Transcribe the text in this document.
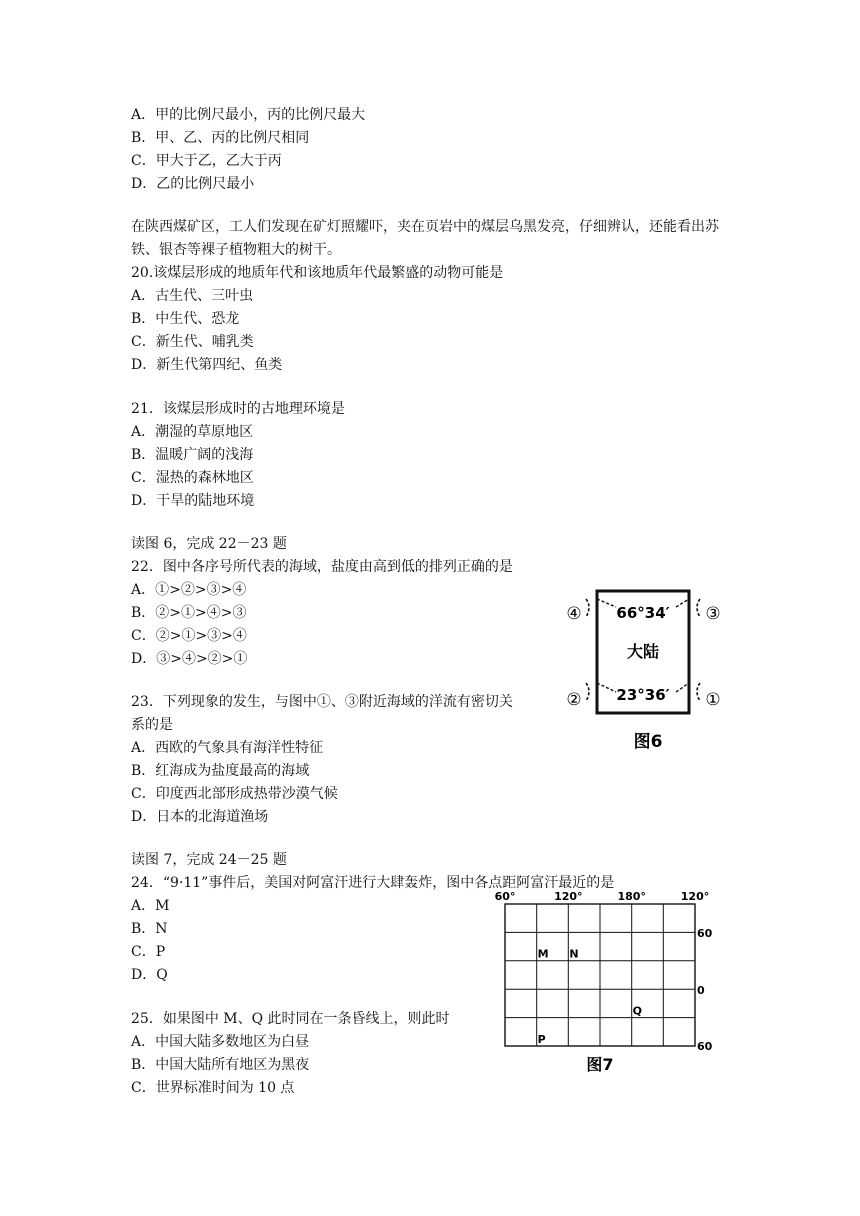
A．甲的比例尺最小，丙的比例尺最大
B．甲、乙、丙的比例尺相同
C．甲大于乙，乙大于丙
D．乙的比例尺最小
在陕西煤矿区，工人们发现在矿灯照耀吓，夹在页岩中的煤层乌黑发亮，仔细辨认，还能看出苏铁、银杏等裸子植物粗大的树干。
20.该煤层形成的地质年代和该地质年代最繁盛的动物可能是
A．古生代、三叶虫
B．中生代、恐龙
C．新生代、哺乳类
D．新生代第四纪、鱼类
21．该煤层形成时的古地理环境是
A．潮湿的草原地区
B．温暖广阔的浅海
C．湿热的森林地区
D．干旱的陆地环境
读图 6，完成 22－23 题
22．图中各序号所代表的海域，盐度由高到低的排列正确的是
A．①>②>③>④
B．②>①>④>③
C．②>①>③>④
D．③>④>②>①
23．下列现象的发生，与图中①、③附近海域的洋流有密切关
系的是
A．西欧的气象具有海洋性特征
B．红海成为盐度最高的海域
C．印度西北部形成热带沙漠气候
D．日本的北海道渔场
读图 7，完成 24－25 题
24．“9·11”事件后，美国对阿富汗进行大肆轰炸，图中各点距阿富汗最近的是
A．M
B．N
C．P
D．Q
25．如果图中 M、Q 此时同在一条昏线上，则此时
A．中国大陆多数地区为白昼
B．中国大陆所有地区为黑夜
C．世界标准时间为 10 点
66°34′
大陆
23°36′
④	③
②	①
图6
60°	120°	180°	120°
60
0
60
M N
Q
P
图7
